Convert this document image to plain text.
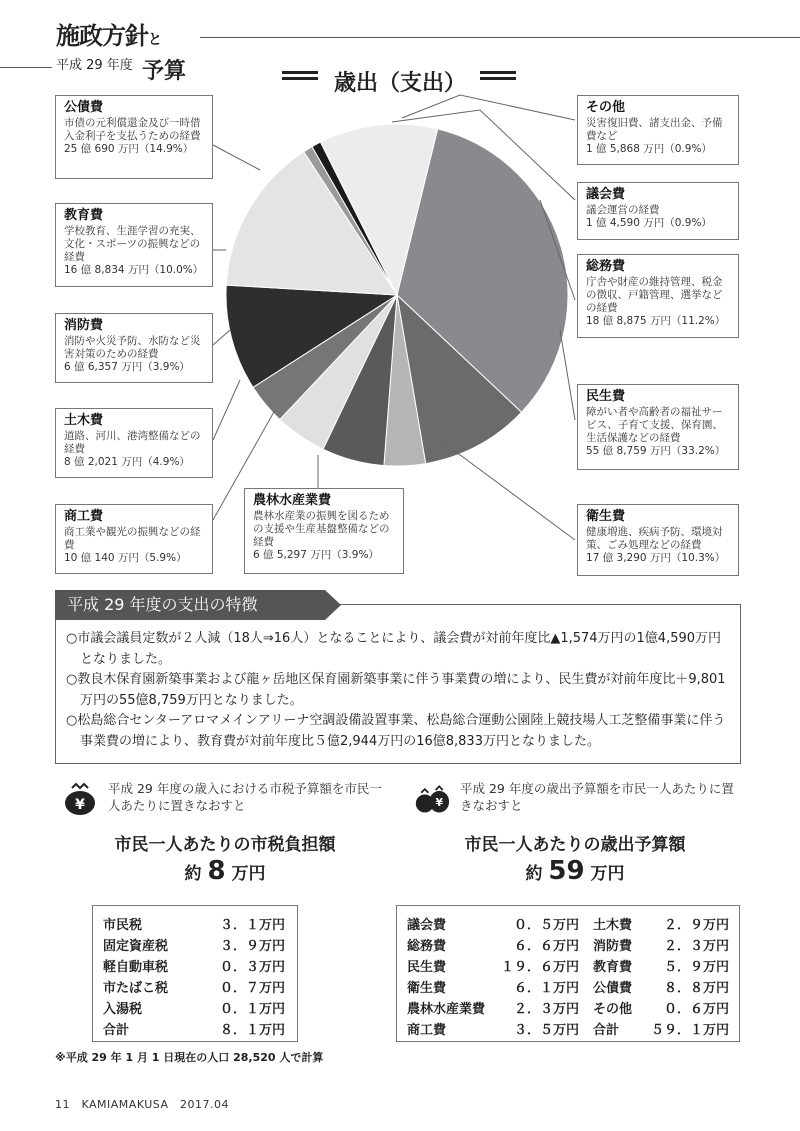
施政方針と
平成 29 年度 予算	歳出（支出）
公債費
市債の元利償還金及び一時借入金利子を支払うための経費
25 億 690 万円（14.9%）
教育費
学校教育、生涯学習の充実、文化・スポーツの振興などの経費
16 億 8,834 万円（10.0%）
消防費
消防や火災予防、水防など災害対策のための経費
6 億 6,357 万円（3.9%）
土木費
道路、河川、港湾整備などの経費
8 億 2,021 万円（4.9%）
商工費
商工業や観光の振興などの経費
10 億 140 万円（5.9%）
農林水産業費
農林水産業の振興を図るための支援や生産基盤整備などの経費
6 億 5,297 万円（3.9%）
その他
災害復旧費、諸支出金、予備費など
1 億 5,868 万円（0.9%）
議会費
議会運営の経費
1 億 4,590 万円（0.9%）
総務費
庁舎や財産の維持管理、税金の徴収、戸籍管理、選挙などの経費
18 億 8,875 万円（11.2%）
民生費
障がい者や高齢者の福祉サービス、子育て支援、保育園、生活保護などの経費
55 億 8,759 万円（33.2%）
衛生費
健康増進、疾病予防、環境対策、ごみ処理などの経費
17 億 3,290 万円（10.3%）
○市議会議員定数が２人減（18人⇒16人）となることにより、議会費が対前年度比▲1,574万円の1億4,590万円となりました。
○教良木保育園新築事業および龍ヶ岳地区保育園新築事業に伴う事業費の増により、民生費が対前年度比＋9,801万円の55億8,759万円となりました。
○松島総合センターアロマメインアリーナ空調設備設置事業、松島総合運動公園陸上競技場人工芝整備事業に伴う事業費の増により、教育費が対前年度比５億2,944万円の16億8,833万円となりました。
平成 29 年度の支出の特徴
¥
平成 29 年度の歳入における市税予算額を市民一人あたりに置きなおすと
市民一人あたりの市税負担額
約 8 万円
市民税	３．１万円
固定資産税	３．９万円
軽自動車税	０．３万円
市たばこ税	０．７万円
入湯税	０．１万円
合計	８．１万円
¥
平成 29 年度の歳出予算額を市民一人あたりに置きなおすと
市民一人あたりの歳出予算額
約 59 万円
議会費	０．５万円 土木費 ２．９万円
総務費	６．６万円 消防費 ２．３万円
民生費	１９．６万円 教育費 ５．９万円
衛生費	６．１万円 公債費 ８．８万円
農林水産業費 ２．３万円 その他 ０．６万円
商工費	３．５万円 合計 ５９．１万円
※平成 29 年 1 月 1 日現在の人口 28,520 人で計算
11　KAMIAMAKUSA　2017.04
